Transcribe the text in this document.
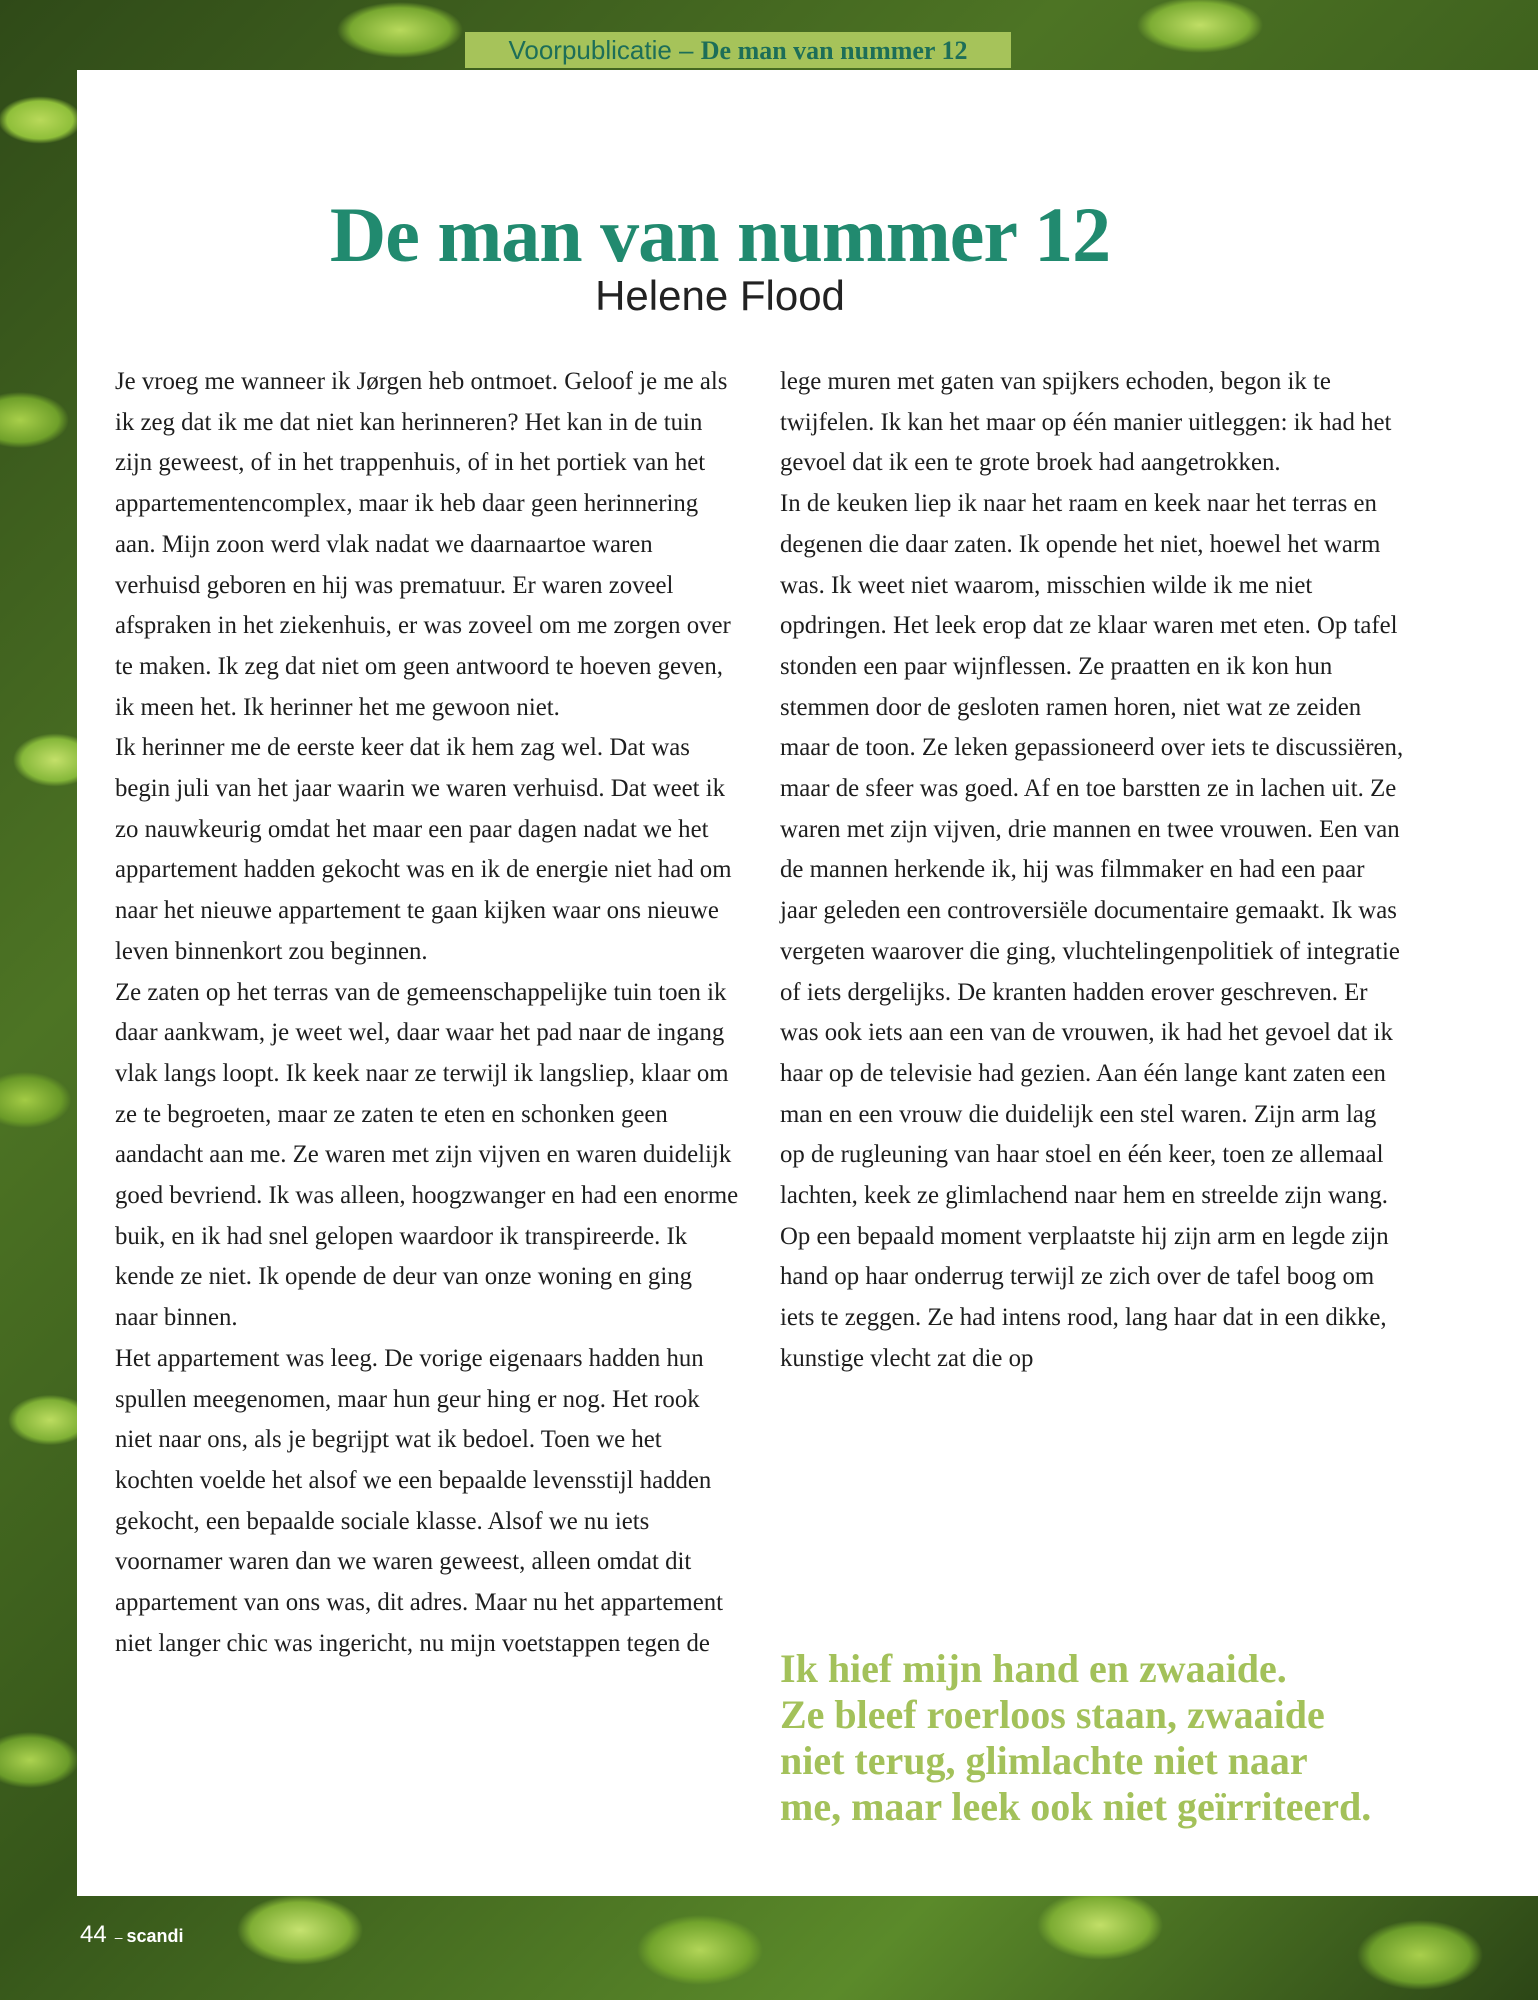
Voorpublicatie – De man van nummer 12
De man van nummer 12
Helene Flood

Je vroeg me wanneer ik Jørgen heb ontmoet. Geloof je me als ik zeg dat ik me dat niet kan herinneren? Het kan in de tuin zijn geweest, of in het trappenhuis, of in het portiek van het appartementencomplex, maar ik heb daar geen herinnering aan. Mijn zoon werd vlak nadat we daarnaartoe waren verhuisd geboren en hij was prematuur. Er waren zoveel afspraken in het ziekenhuis, er was zoveel om me zorgen over te maken. Ik zeg dat niet om geen antwoord te hoeven geven, ik meen het. Ik herinner het me gewoon niet.

Ik herinner me de eerste keer dat ik hem zag wel. Dat was begin juli van het jaar waarin we waren verhuisd. Dat weet ik zo nauwkeurig omdat het maar een paar dagen nadat we het appartement hadden gekocht was en ik de energie niet had om naar het nieuwe appartement te gaan kijken waar ons nieuwe leven binnenkort zou beginnen.

Ze zaten op het terras van de gemeenschappelijke tuin toen ik daar aankwam, je weet wel, daar waar het pad naar de ingang vlak langs loopt. Ik keek naar ze terwijl ik langsliep, klaar om ze te begroeten, maar ze zaten te eten en schonken geen aandacht aan me. Ze waren met zijn vijven en waren duidelijk goed bevriend. Ik was alleen, hoogzwanger en had een enorme buik, en ik had snel gelopen waardoor ik transpireerde. Ik kende ze niet. Ik opende de deur van onze woning en ging naar binnen.

Het appartement was leeg. De vorige eigenaars hadden hun spullen meegenomen, maar hun geur hing er nog. Het rook niet naar ons, als je begrijpt wat ik bedoel. Toen we het kochten voelde het alsof we een bepaalde levensstijl hadden gekocht, een bepaalde sociale klasse. Alsof we nu iets voornamer waren dan we waren geweest, alleen omdat dit appartement van ons was, dit adres. Maar nu het appartement niet langer chic was ingericht, nu mijn voetstappen tegen de

lege muren met gaten van spijkers echoden, begon ik te twijfelen. Ik kan het maar op één manier uitleggen: ik had het gevoel dat ik een te grote broek had aangetrokken.

In de keuken liep ik naar het raam en keek naar het terras en degenen die daar zaten. Ik opende het niet, hoewel het warm was. Ik weet niet waarom, misschien wilde ik me niet opdringen. Het leek erop dat ze klaar waren met eten. Op tafel stonden een paar wijnflessen. Ze praatten en ik kon hun stemmen door de gesloten ramen horen, niet wat ze zeiden maar de toon. Ze leken gepassioneerd over iets te discussiëren, maar de sfeer was goed. Af en toe barstten ze in lachen uit. Ze waren met zijn vijven, drie mannen en twee vrouwen. Een van de mannen herkende ik, hij was filmmaker en had een paar jaar geleden een controversiële documentaire gemaakt. Ik was vergeten waarover die ging, vluchtelingenpolitiek of integratie of iets dergelijks. De kranten hadden erover geschreven. Er was ook iets aan een van de vrouwen, ik had het gevoel dat ik haar op de televisie had gezien. Aan één lange kant zaten een man en een vrouw die duidelijk een stel waren. Zijn arm lag op de rugleuning van haar stoel en één keer, toen ze allemaal lachten, keek ze glimlachend naar hem en streelde zijn wang. Op een bepaald moment verplaatste hij zijn arm en legde zijn hand op haar onderrug terwijl ze zich over de tafel boog om iets te zeggen. Ze had intens rood, lang haar dat in een dikke, kunstige vlecht zat die op

Ik hief mijn hand en zwaaide.

Ze bleef roerloos staan, zwaaide

niet terug, glimlachte niet naar

me, maar leek ook niet geïrriteerd.

44 – scandi
